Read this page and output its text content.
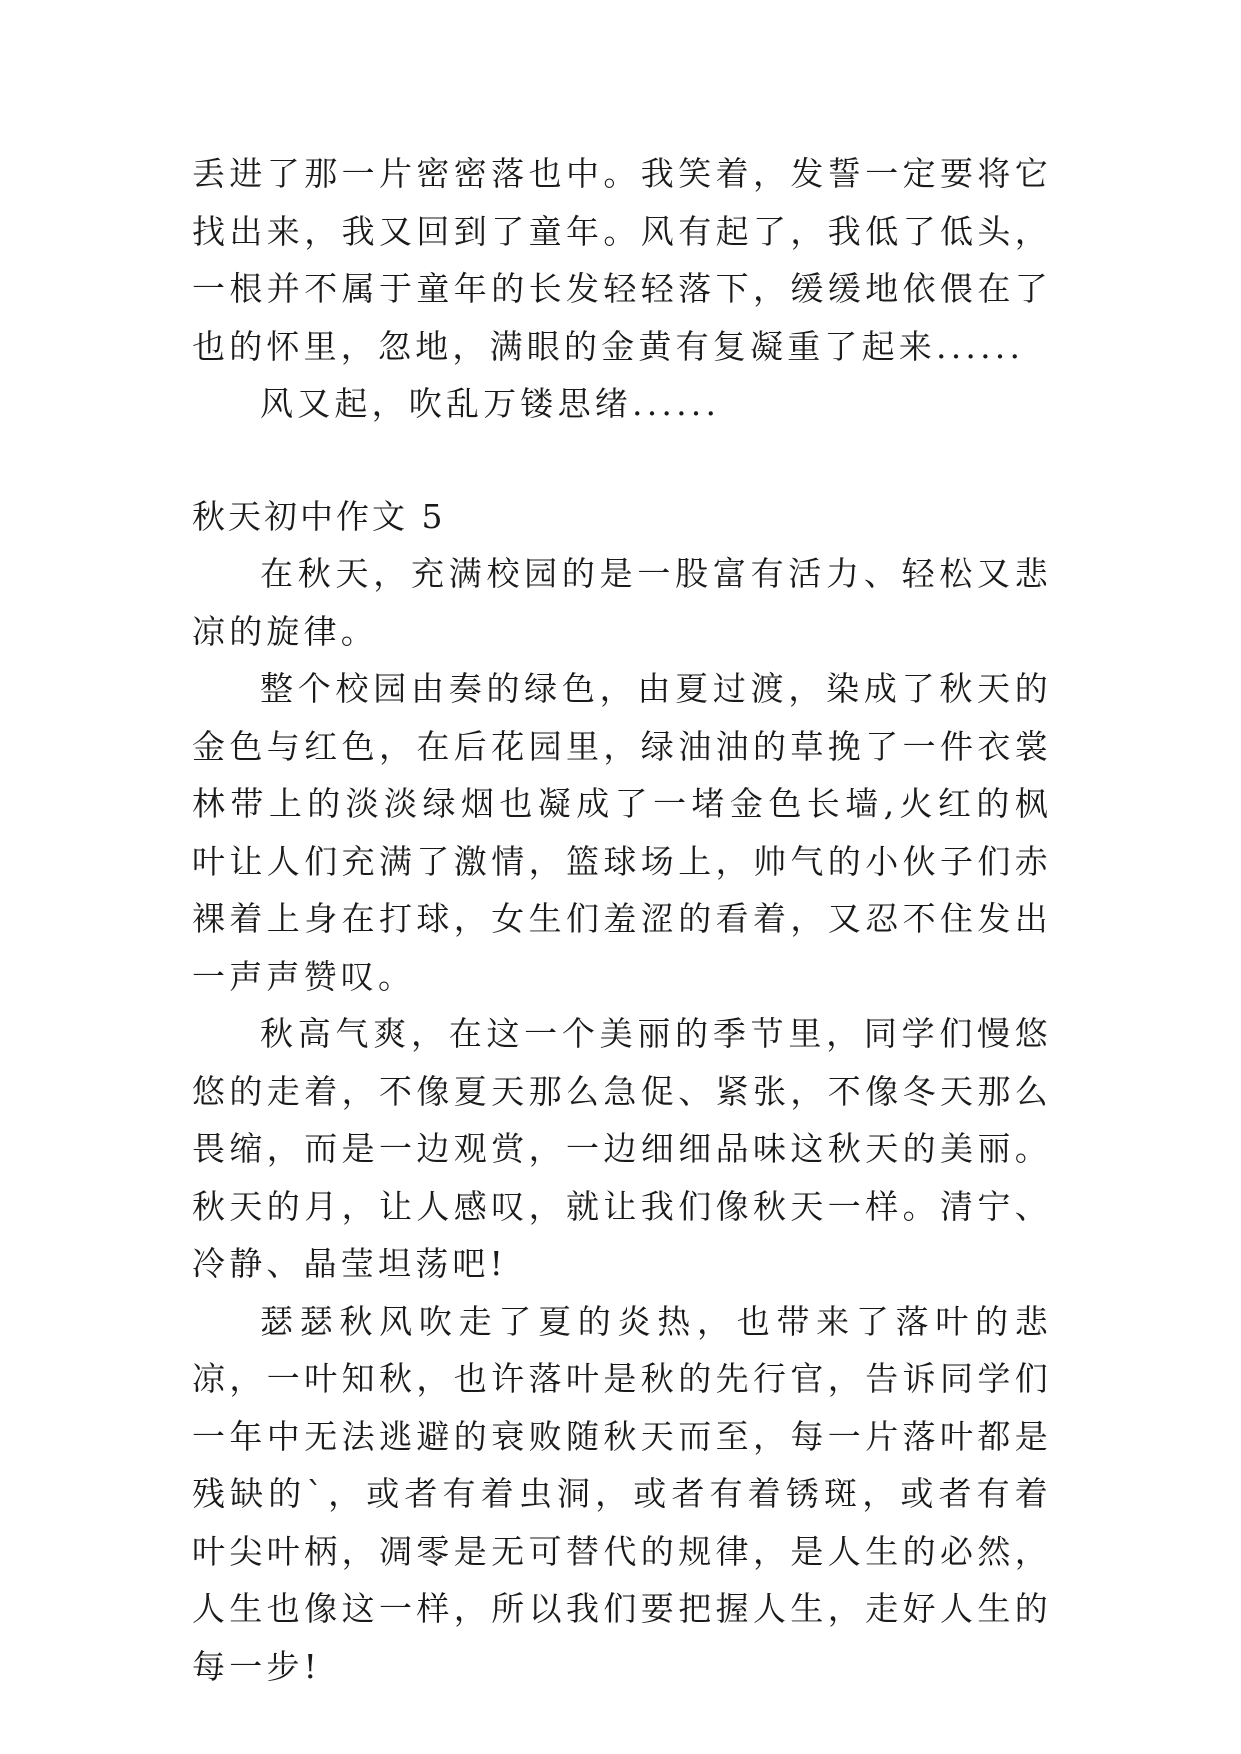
丢进了那一片密密落也中。我笑着，发誓一定要将它找出来，我又回到了童年。风有起了，我低了低头，一根并不属于童年的长发轻轻落下，缓缓地依偎在了也的怀里，忽地，满眼的金黄有复凝重了起来......

风又起，吹乱万镂思绪......

秋天初中作文 5

在秋天，充满校园的是一股富有活力、轻松又悲凉的旋律。

整个校园由奏的绿色，由夏过渡，染成了秋天的金色与红色，在后花园里，绿油油的草挽了一件衣裳林带上的淡淡绿烟也凝成了一堵金色长墙,火红的枫叶让人们充满了激情，篮球场上，帅气的小伙子们赤裸着上身在打球，女生们羞涩的看着，又忍不住发出一声声赞叹。

秋高气爽，在这一个美丽的季节里，同学们慢悠悠的走着，不像夏天那么急促、紧张，不像冬天那么畏缩，而是一边观赏，一边细细品味这秋天的美丽。秋天的月，让人感叹，就让我们像秋天一样。清宁、冷静、晶莹坦荡吧!

瑟瑟秋风吹走了夏的炎热，也带来了落叶的悲凉，一叶知秋，也许落叶是秋的先行官，告诉同学们一年中无法逃避的衰败随秋天而至，每一片落叶都是残缺的`，或者有着虫洞，或者有着锈斑，或者有着叶尖叶柄，凋零是无可替代的规律，是人生的必然，人生也像这一样，所以我们要把握人生，走好人生的每一步!
